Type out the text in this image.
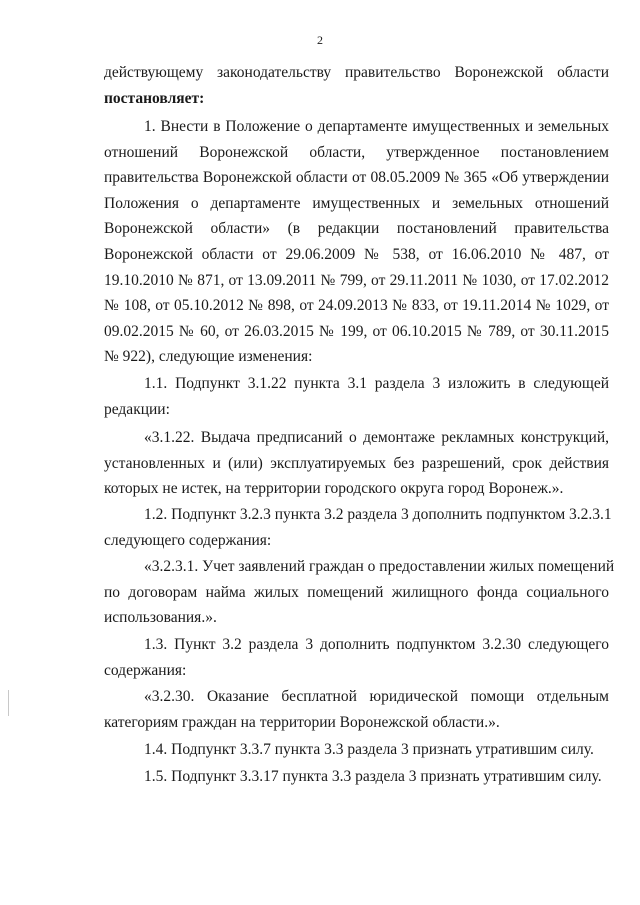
2
действующему законодательству правительство Воронежской области
постановляет:
1. Внести в Положение о департаменте имущественных и земельных
отношений Воронежской области, утвержденное постановлением
правительства Воронежской области от 08.05.2009 № 365 «Об утверждении
Положения о департаменте имущественных и земельных отношений
Воронежской области» (в редакции постановлений правительства
Воронежской области от 29.06.2009 № 538, от 16.06.2010 № 487, от
19.10.2010 № 871, от 13.09.2011 № 799, от 29.11.2011 № 1030, от 17.02.2012
№ 108, от 05.10.2012 № 898, от 24.09.2013 № 833, от 19.11.2014 № 1029, от
09.02.2015 № 60, от 26.03.2015 № 199, от 06.10.2015 № 789, от 30.11.2015
№ 922), следующие изменения:
1.1. Подпункт 3.1.22 пункта 3.1 раздела 3 изложить в следующей
редакции:
«3.1.22. Выдача предписаний о демонтаже рекламных конструкций,
установленных и (или) эксплуатируемых без разрешений, срок действия
которых не истек, на территории городского округа город Воронеж.».
1.2. Подпункт 3.2.3 пункта 3.2 раздела 3 дополнить подпунктом 3.2.3.1
следующего содержания:
«3.2.3.1. Учет заявлений граждан о предоставлении жилых помещений
по договорам найма жилых помещений жилищного фонда социального
использования.».
1.3. Пункт 3.2 раздела 3 дополнить подпунктом 3.2.30 следующего
содержания:
«3.2.30. Оказание бесплатной юридической помощи отдельным
категориям граждан на территории Воронежской области.».
1.4. Подпункт 3.3.7 пункта 3.3 раздела 3 признать утратившим силу.
1.5. Подпункт 3.3.17 пункта 3.3 раздела 3 признать утратившим силу.
